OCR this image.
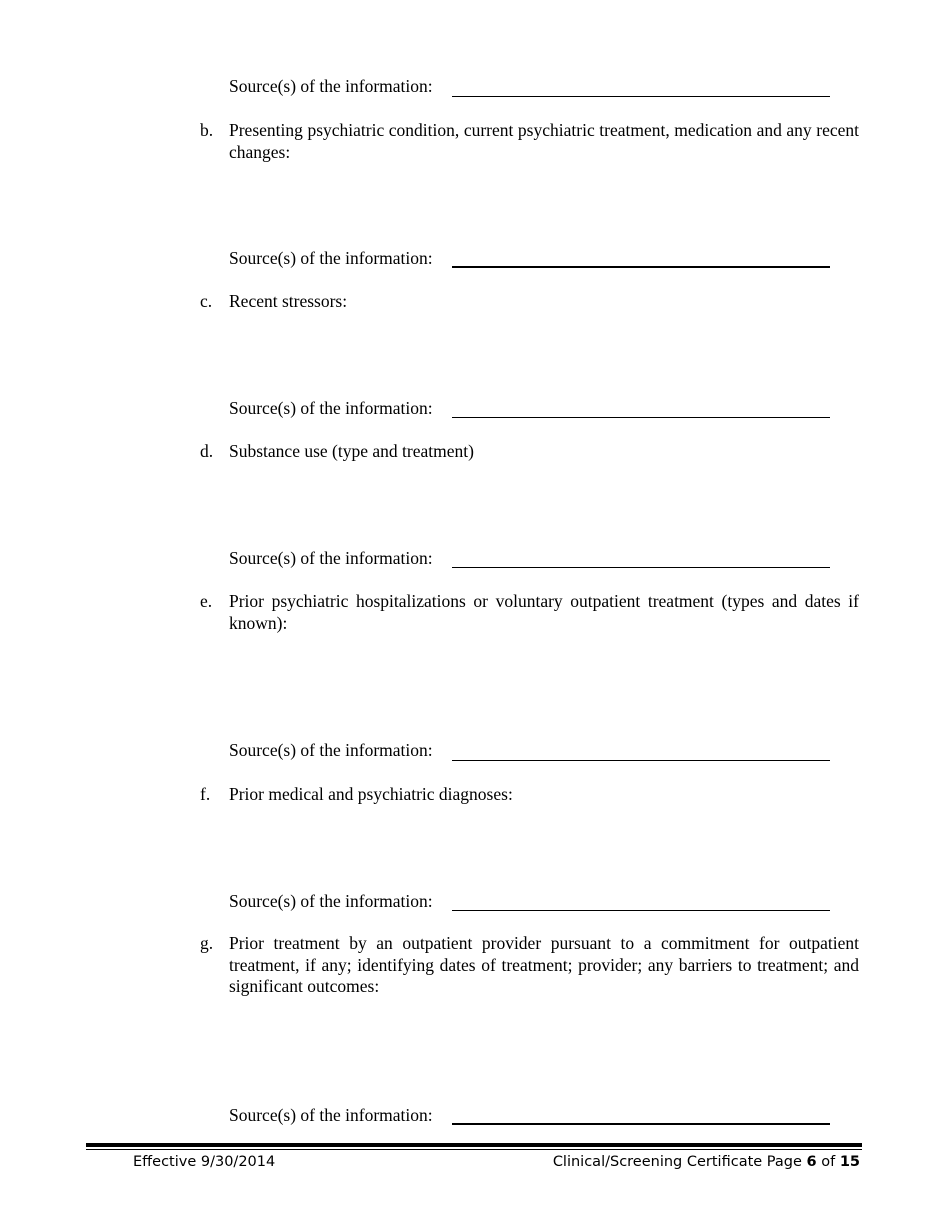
Source(s) of the information:
b. Presenting psychiatric condition, current psychiatric treatment, medication and any recent changes:
Source(s) of the information:
c. Recent stressors:
Source(s) of the information:
d. Substance use (type and treatment)
Source(s) of the information:
e. Prior psychiatric hospitalizations or voluntary outpatient treatment (types and dates if known):
Source(s) of the information:
f. Prior medical and psychiatric diagnoses:
Source(s) of the information:
g. Prior treatment by an outpatient provider pursuant to a commitment for outpatient treatment, if any; identifying dates of treatment; provider; any barriers to treatment; and significant outcomes:
Source(s) of the information:
Effective 9/30/2014	Clinical/Screening Certificate Page 6 of 15
